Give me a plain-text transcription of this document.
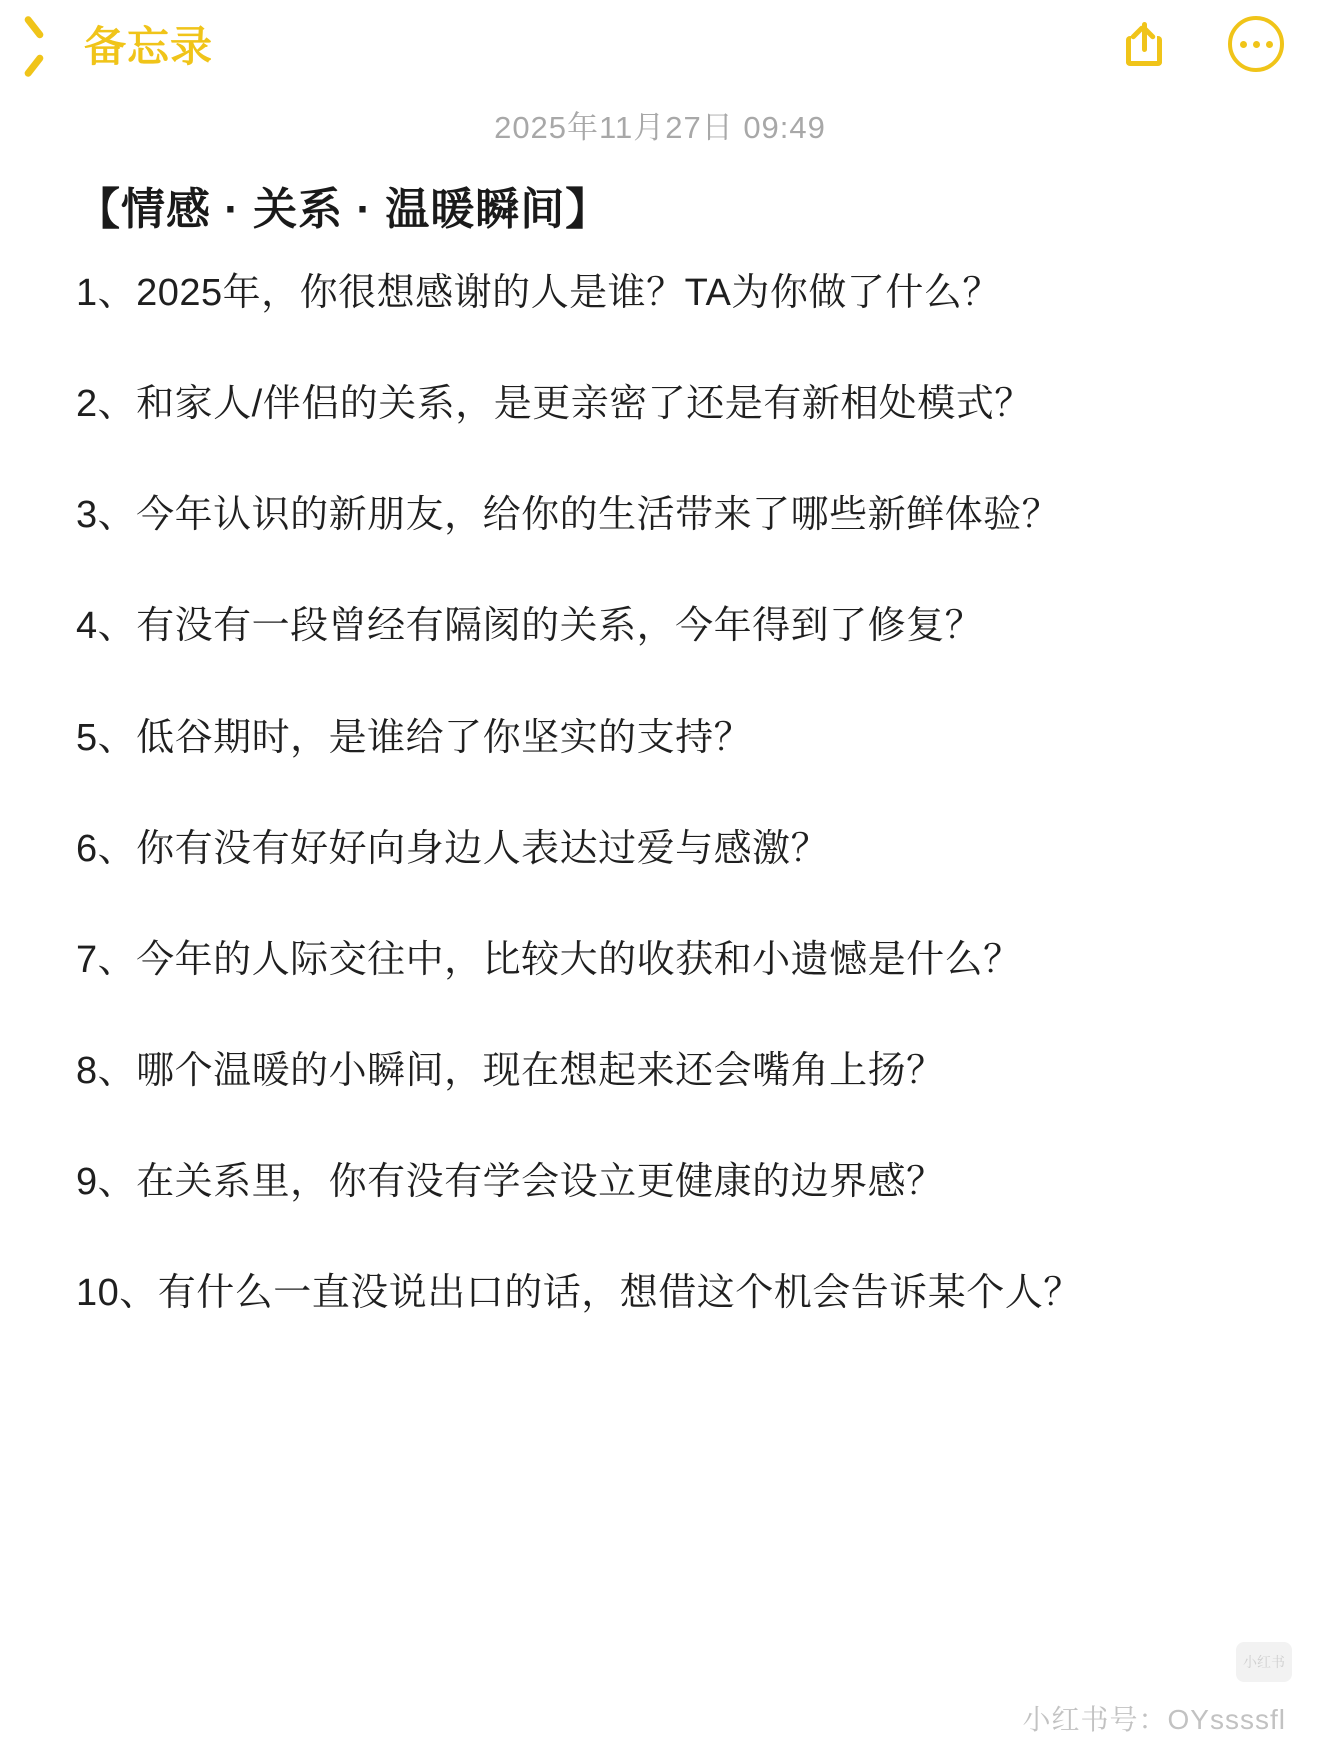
备忘录
2025年11月27日 09:49
【情感 · 关系 · 温暖瞬间】
1、2025年，你很想感谢的人是谁？TA为你做了什么？
2、和家人/伴侣的关系，是更亲密了还是有新相处模式？
3、今年认识的新朋友，给你的生活带来了哪些新鲜体验？
4、有没有一段曾经有隔阂的关系，今年得到了修复？
5、低谷期时，是谁给了你坚实的支持？
6、你有没有好好向身边人表达过爱与感激？
7、今年的人际交往中，比较大的收获和小遗憾是什么？
8、哪个温暖的小瞬间，现在想起来还会嘴角上扬？
9、在关系里，你有没有学会设立更健康的边界感？
10、有什么一直没说出口的话，想借这个机会告诉某个人？
小红书
小红书号：OYssssfl
